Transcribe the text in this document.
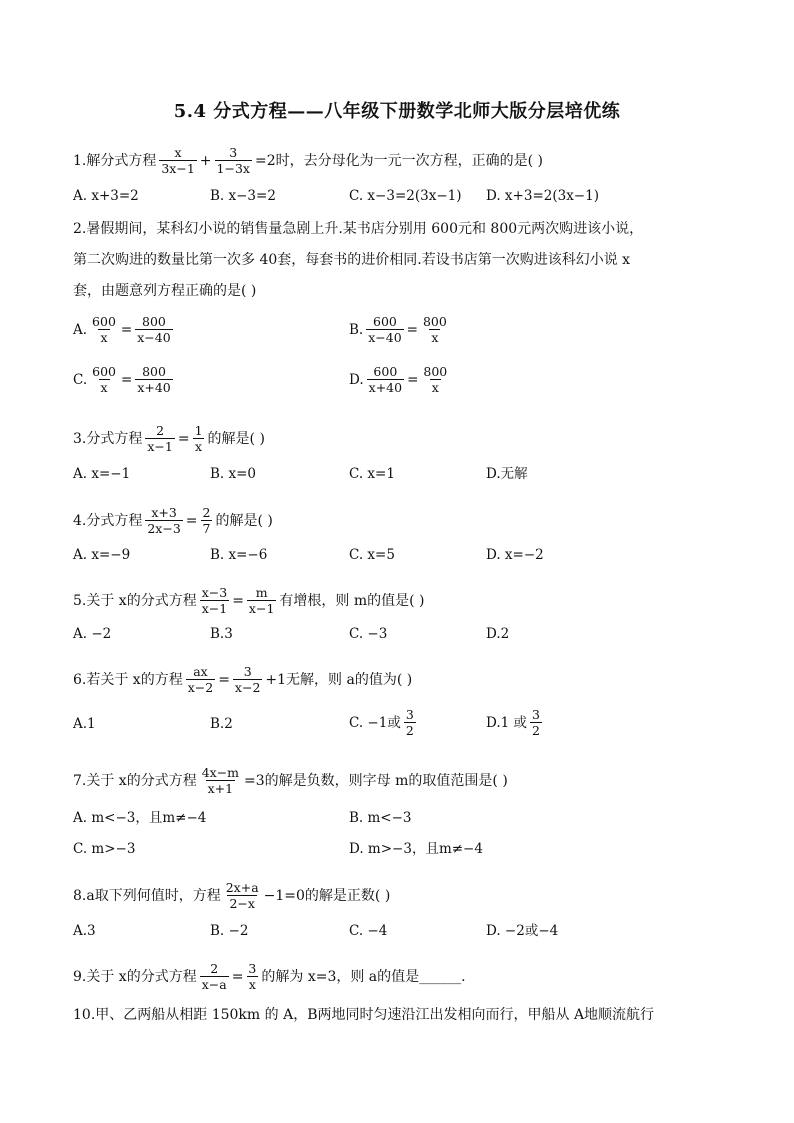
5.4 分式方程——八年级下册数学北师大版分层培优练
1. 解分式方程 $\frac{x}{3x-1} + \frac{3}{1-3x} =2$ 时，去分母化为一元一次方程，正确的是( )
A. x+3=2	B. x−3=2	C. x−3=2(3x−1) D. x+3=2(3x−1)
2.暑假期间，某科幻小说的销售量急剧上升.某书店分别用 600元和 800元两次购进该小说，
第二次购进的数量比第一次多 40套，每套书的进价相同.若设书店第一次购进该科幻小说 x
套，由题意列方程正确的是( )
A. $\frac{600}{x} = \frac{800}{x-40}$	B. $\frac{600}{x-40} = \frac{800}{x}$
C. $\frac{600}{x} = \frac{800}{x+40}$	D. $\frac{600}{x+40} = \frac{800}{x}$
3.分式方程 $\frac{2}{x-1} = \frac{1}{x}$ 的解是( )
A. x=−1	B. x=0	C. x=1	D.无解
4.分式方程 $\frac{x+3}{2x-3} = \frac{2}{7}$ 的解是( )
A. x=−9	B. x=−6	C. x=5	D. x=−2
5.关于 x的分式方程 $\frac{x-3}{x-1} = \frac{m}{x-1}$ 有增根，则 m的值是( )
A. −2	B.3	C. −3	D.2
6.若关于 x的方程 $\frac{ax}{x-2} = \frac{3}{x-2} +1$无解，则 a的值为( )
A.1	B.2	C. −1或 $\frac{3}{2}$	D.1 或 $\frac{3}{2}$
7.关于 x的分式方程 $\frac{4x-m}{x+1} =3$的解是负数，则字母 m的取值范围是( )
A. m<−3，且m≠−4	B. m<−3
C. m>−3	D. m>−3，且m≠−4
8.a取下列何值时，方程 $\frac{2x+a}{2-x} -1=0$的解是正数( )
A.3	B. −2	C. −4	D. −2或−4
9.关于 x的分式方程 $\frac{2}{x-a} = \frac{3}{x}$ 的解为 x=3，则 a的值是______.
10.甲、乙两船从相距 150km 的 A，B两地同时匀速沿江出发相向而行，甲船从 A地顺流航行
